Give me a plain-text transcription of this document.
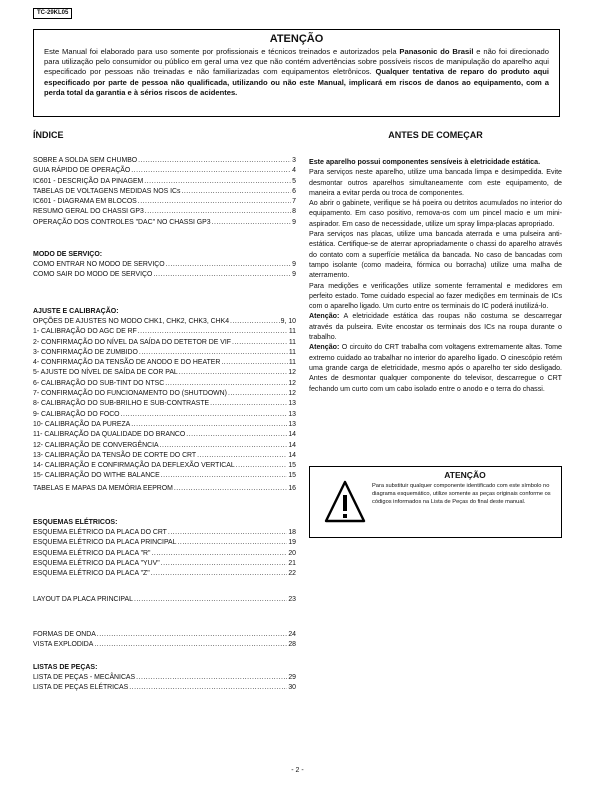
TC-29KL05
ATENÇÃO
Este Manual foi elaborado para uso somente por profissionais e técnicos treinados e autorizados pela Panasonic do Brasil e não foi direcionado para utilização pelo consumidor ou público em geral uma vez que não contém advertências sobre possíveis riscos de manipulação do aparelho aqui especificado por pessoas não treinadas e não familiarizadas com equipamentos eletrônicos. Qualquer tentativa de reparo do produto aqui especificado por parte de pessoa não qualificada, utilizando ou não este Manual, implicará em riscos de danos ao equipamento, com a perda total da garantia e à sérios riscos de acidentes.
ÍNDICE
SOBRE A SOLDA SEM CHUMBO .....	3
GUIA RÁPIDO DE OPERAÇÃO .....	4
IC601 - DESCRIÇÃO DA PINAGEM .....	5
TABELAS DE VOLTAGENS MEDIDAS NOS ICs .....	6
IC601 - DIAGRAMA EM BLOCOS .....	7
RESUMO GERAL DO CHASSI GP3 .....	8
OPERAÇÃO DOS CONTROLES "DAC" NO CHASSI GP3 .....	9
MODO DE SERVIÇO:
COMO ENTRAR NO MODO DE SERVIÇO .....	9
COMO SAIR DO MODO DE SERVIÇO .....	9
AJUSTE E CALIBRAÇÃO:
OPÇÕES DE AJUSTES NO MODO CHK1, CHK2, CHK3, CHK4 .....	9, 10
1- CALIBRAÇÃO DO AGC DE RF .....	11
2- CONFIRMAÇÃO DO NÍVEL DA SAÍDA DO DETETOR DE VIF .....	11
3- CONFIRMAÇÃO DE ZUMBIDO .....	11
4- CONFIRMAÇÃO DA TENSÃO DE ANODO E DO HEATER .....	11
5- AJUSTE DO NÍVEL DE SAÍDA DE COR PAL .....	12
6- CALIBRAÇÃO DO SUB-TINT DO NTSC .....	12
7- CONFIRMAÇÃO DO FUNCIONAMENTO DO (SHUTDOWN) .....	12
8- CALIBRAÇÃO DO SUB-BRILHO E SUB-CONTRASTE .....	13
9- CALIBRAÇÃO DO FOCO .....	13
10- CALIBRAÇÃO DA PUREZA .....	13
11- CALIBRAÇÃO DA QUALIDADE DO BRANCO .....	14
12- CALIBRAÇÃO DE CONVERGÊNCIA .....	14
13- CALIBRAÇÃO DA TENSÃO DE CORTE DO CRT .....	14
14- CALIBRAÇÃO E CONFIRMAÇÃO DA DEFLEXÃO VERTICAL .....	15
15- CALIBRAÇÃO DO WITHE BALANCE .....	15
TABELAS E MAPAS DA MEMÓRIA EEPROM .....	16
ESQUEMAS ELÉTRICOS:
ESQUEMA ELÉTRICO DA PLACA DO CRT .....	18
ESQUEMA ELÉTRICO DA PLACA PRINCIPAL .....	19
ESQUEMA ELÉTRICO DA PLACA "R" .....	20
ESQUEMA ELÉTRICO DA PLACA "YUV" .....	21
ESQUEMA ELÉTRICO DA PLACA "Z" .....	22
LAYOUT DA PLACA PRINCIPAL .....	23
FORMAS DE ONDA .....	24
VISTA EXPLODIDA .....	28
LISTAS DE PEÇAS:
LISTA DE PEÇAS - MECÂNICAS .....	29
LISTA DE PEÇAS ELÉTRICAS .....	30
ANTES DE COMEÇAR

Este aparelho possui componentes sensíveis à eletricidade estática.

Para serviços neste aparelho, utilize uma bancada limpa e desimpedida. Evite desmontar outros aparelhos simultaneamente com este equipamento, de maneira a evitar perda ou troca de componentes.

Ao abrir o gabinete, verifique se há poeira ou detritos acumulados no interior do equipamento. Em caso positivo, remova-os com um pincel macio e um mini-aspirador. Em caso de necessidade, utilize um spray limpa-placas apropriado.

Para serviços nas placas, utilize uma bancada aterrada e uma pulseira anti-estática. Certifique-se de aterrar apropriadamente o chassi do aparelho através do contato com a superfície metálica da bancada. No caso de bancadas com tampo isolante (como madeira, fórmica ou borracha) utilize uma malha de aterramento.

Para medições e verificações utilize somente ferramental e medidores em perfeito estado. Tome cuidado especial ao fazer medições em terminais de ICs com o aparelho ligado. Um curto entre os terminais do IC poderá inutilizá-lo.

Atenção: A eletricidade estática das roupas não costuma se descarregar através da pulseira. Evite encostar os terminais dos ICs na roupa durante o trabalho.

Atenção: O circuito do CRT trabalha com voltagens extremamente altas. Tome extremo cuidado ao trabalhar no interior do aparelho ligado. O cinescópio retém uma grande carga de eletricidade, mesmo após o aparelho ter sido desligado. Antes de desmontar qualquer componente do televisor, descarregue o CRT fechando um curto com um cabo isolado entre o anodo e o terra do chassi.

ATENÇÃO
Para substituir qualquer componente identificado com este símbolo no diagrama esquemático, utilize somente as peças originais conforme os códigos informados na Lista de Peças do final deste manual.
- 2 -
